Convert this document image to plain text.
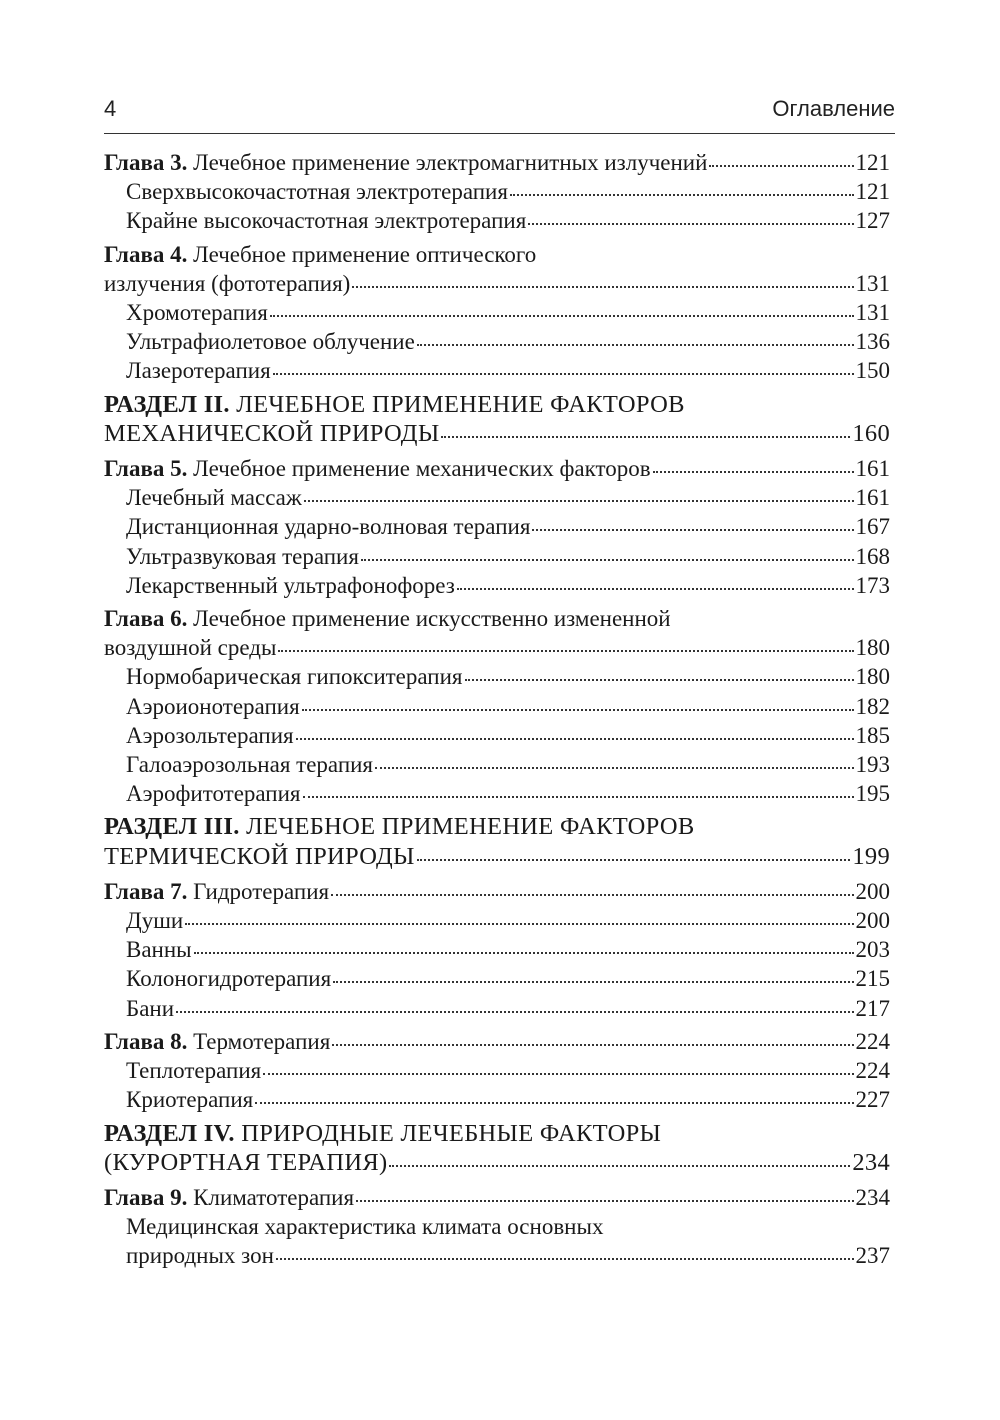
4	Оглавление
Глава 3. Лечебное применение электромагнитных излучений	121
Сверхвысокочастотная электротерапия	121
Крайне высокочастотная электротерапия	127
Глава 4. Лечебное применение оптического
излучения (фототерапия)	131
Хромотерапия	131
Ультрафиолетовое облучение	136
Лазеротерапия	150
РАЗДЕЛ II. ЛЕЧЕБНОЕ ПРИМЕНЕНИЕ ФАКТОРОВ
МЕХАНИЧЕСКОЙ ПРИРОДЫ	160
Глава 5. Лечебное применение механических факторов	161
Лечебный массаж	161
Дистанционная ударно-волновая терапия	167
Ультразвуковая терапия	168
Лекарственный ультрафонофорез	173
Глава 6. Лечебное применение искусственно измененной
воздушной среды	180
Нормобарическая гипокситерапия	180
Аэроионотерапия	182
Аэрозольтерапия	185
Галоаэрозольная терапия	193
Аэрофитотерапия	195
РАЗДЕЛ III. ЛЕЧЕБНОЕ ПРИМЕНЕНИЕ ФАКТОРОВ
ТЕРМИЧЕСКОЙ ПРИРОДЫ	199
Глава 7. Гидротерапия	200
Души	200
Ванны	203
Колоногидротерапия	215
Бани	217
Глава 8. Термотерапия	224
Теплотерапия	224
Криотерапия	227
РАЗДЕЛ IV. ПРИРОДНЫЕ ЛЕЧЕБНЫЕ ФАКТОРЫ
(КУРОРТНАЯ ТЕРАПИЯ)	234
Глава 9. Климатотерапия	234
Медицинская характеристика климата основных
природных зон	237
